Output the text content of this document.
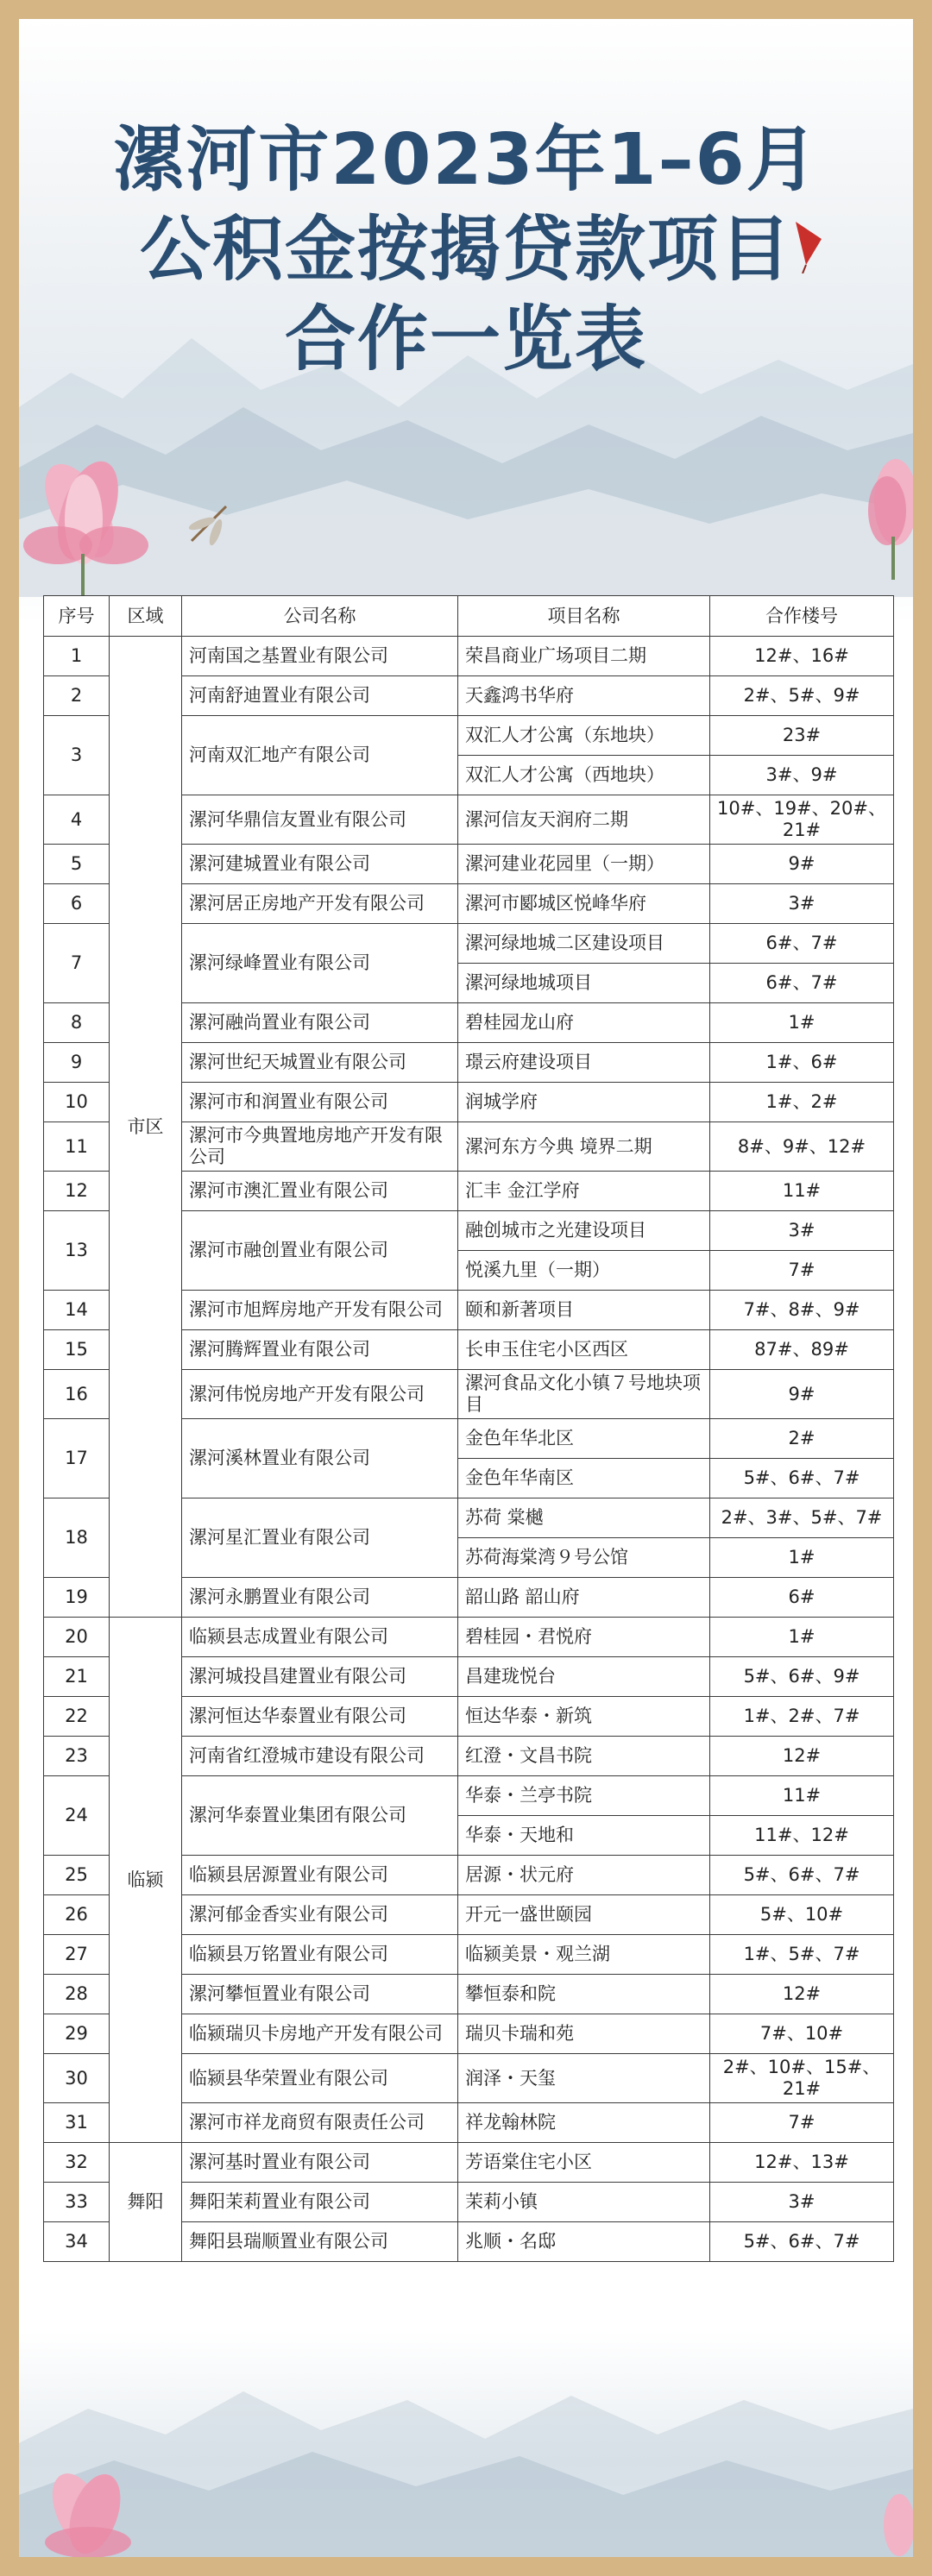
漯河市2023年1–6月
公积金按揭贷款项目
合作一览表
序号	区域	公司名称	项目名称	合作楼号
1	市区	河南国之基置业有限公司	荣昌商业广场项目二期	12#、16#
2		河南舒迪置业有限公司	天鑫鸿书华府	2#、5#、9#
3		河南双汇地产有限公司	双汇人才公寓（东地块）	23#
			双汇人才公寓（西地块）	3#、9#
4		漯河华鼎信友置业有限公司	漯河信友天润府二期	10#、19#、20#、21#
5		漯河建城置业有限公司	漯河建业花园里（一期）	9#
6		漯河居正房地产开发有限公司	漯河市郾城区悦峰华府	3#
7		漯河绿峰置业有限公司	漯河绿地城二区建设项目	6#、7#
			漯河绿地城项目	6#、7#
8		漯河融尚置业有限公司	碧桂园龙山府	1#
9		漯河世纪天城置业有限公司	璟云府建设项目	1#、6#
10		漯河市和润置业有限公司	润城学府	1#、2#
11		漯河市今典置地房地产开发有限公司	漯河东方今典 境界二期	8#、9#、12#
12		漯河市澳汇置业有限公司	汇丰 金江学府	11#
13		漯河市融创置业有限公司	融创城市之光建设项目	3#
			悦溪九里（一期）	7#
14		漯河市旭辉房地产开发有限公司	颐和新著项目	7#、8#、9#
15		漯河腾辉置业有限公司	长申玉住宅小区西区	87#、89#
16		漯河伟悦房地产开发有限公司	漯河食品文化小镇７号地块项目	9#
17		漯河溪林置业有限公司	金色年华北区	2#
			金色年华南区	5#、6#、7#
18		漯河星汇置业有限公司	苏荷 棠樾	2#、3#、5#、7#
			苏荷海棠湾９号公馆	1#
19		漯河永鹏置业有限公司	韶山路 韶山府	6#
20	临颍	临颍县志成置业有限公司	碧桂园・君悦府	1#
21		漯河城投昌建置业有限公司	昌建珑悦台	5#、6#、9#
22		漯河恒达华泰置业有限公司	恒达华泰・新筑	1#、2#、7#
23		河南省红澄城市建设有限公司	红澄・文昌书院	12#
24		漯河华泰置业集团有限公司	华泰・兰亭书院	11#
			华泰・天地和	11#、12#
25		临颍县居源置业有限公司	居源・状元府	5#、6#、7#
26		漯河郁金香实业有限公司	开元一盛世颐园	5#、10#
27		临颍县万铭置业有限公司	临颍美景・观兰湖	1#、5#、7#
28		漯河攀恒置业有限公司	攀恒泰和院	12#
29		临颍瑞贝卡房地产开发有限公司	瑞贝卡瑞和苑	7#、10#
30		临颍县华荣置业有限公司	润泽・天玺	2#、10#、15#、21#
31		漯河市祥龙商贸有限责任公司	祥龙翰林院	7#
32	舞阳	漯河基时置业有限公司	芳语棠住宅小区	12#、13#
33		舞阳茉莉置业有限公司	茉莉小镇	3#
34		舞阳县瑞顺置业有限公司	兆顺・名邸	5#、6#、7#
